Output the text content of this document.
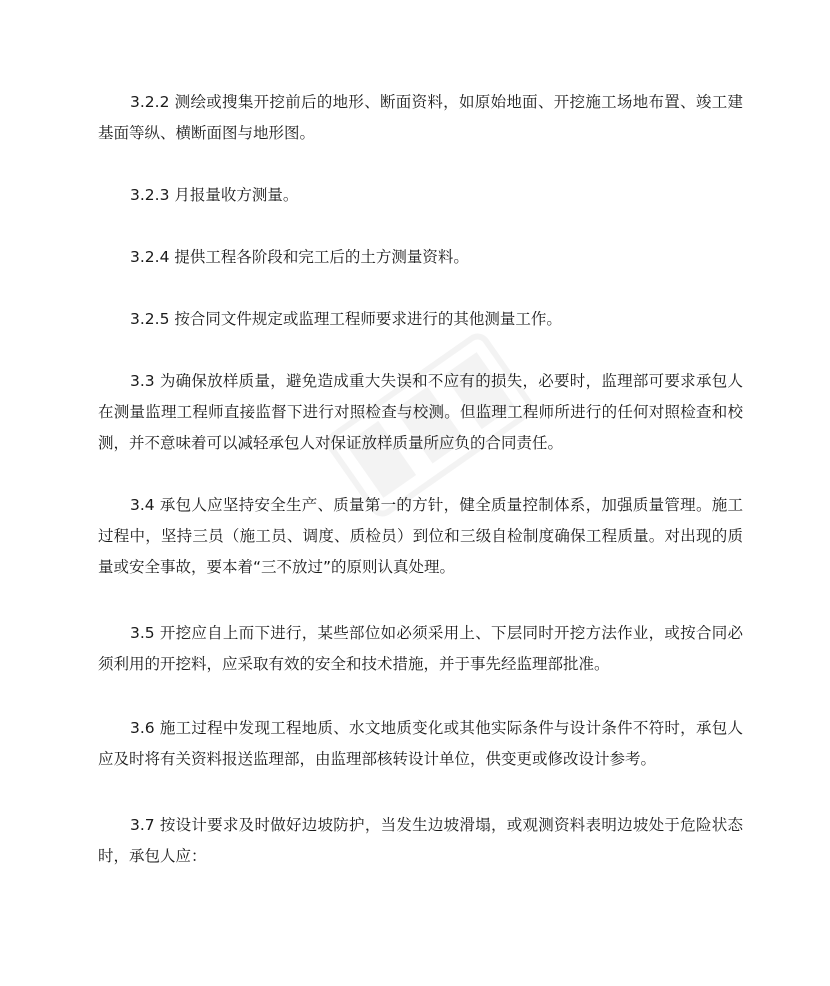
3.2.2 测绘或搜集开挖前后的地形、断面资料，如原始地面、开挖施工场地布置、竣工建基面等纵、横断面图与地形图。

3.2.3 月报量收方测量。

3.2.4 提供工程各阶段和完工后的土方测量资料。

3.2.5 按合同文件规定或监理工程师要求进行的其他测量工作。

3.3 为确保放样质量，避免造成重大失误和不应有的损失，必要时，监理部可要求承包人在测量监理工程师直接监督下进行对照检查与校测。但监理工程师所进行的任何对照检查和校测，并不意味着可以减轻承包人对保证放样质量所应负的合同责任。

3.4 承包人应坚持安全生产、质量第一的方针，健全质量控制体系，加强质量管理。施工过程中，坚持三员（施工员、调度、质检员）到位和三级自检制度确保工程质量。对出现的质量或安全事故，要本着“三不放过”的原则认真处理。

3.5 开挖应自上而下进行，某些部位如必须采用上、下层同时开挖方法作业，或按合同必须利用的开挖料，应采取有效的安全和技术措施，并于事先经监理部批准。

3.6 施工过程中发现工程地质、水文地质变化或其他实际条件与设计条件不符时，承包人应及时将有关资料报送监理部，由监理部核转设计单位，供变更或修改设计参考。

3.7 按设计要求及时做好边坡防护，当发生边坡滑塌，或观测资料表明边坡处于危险状态时，承包人应：
